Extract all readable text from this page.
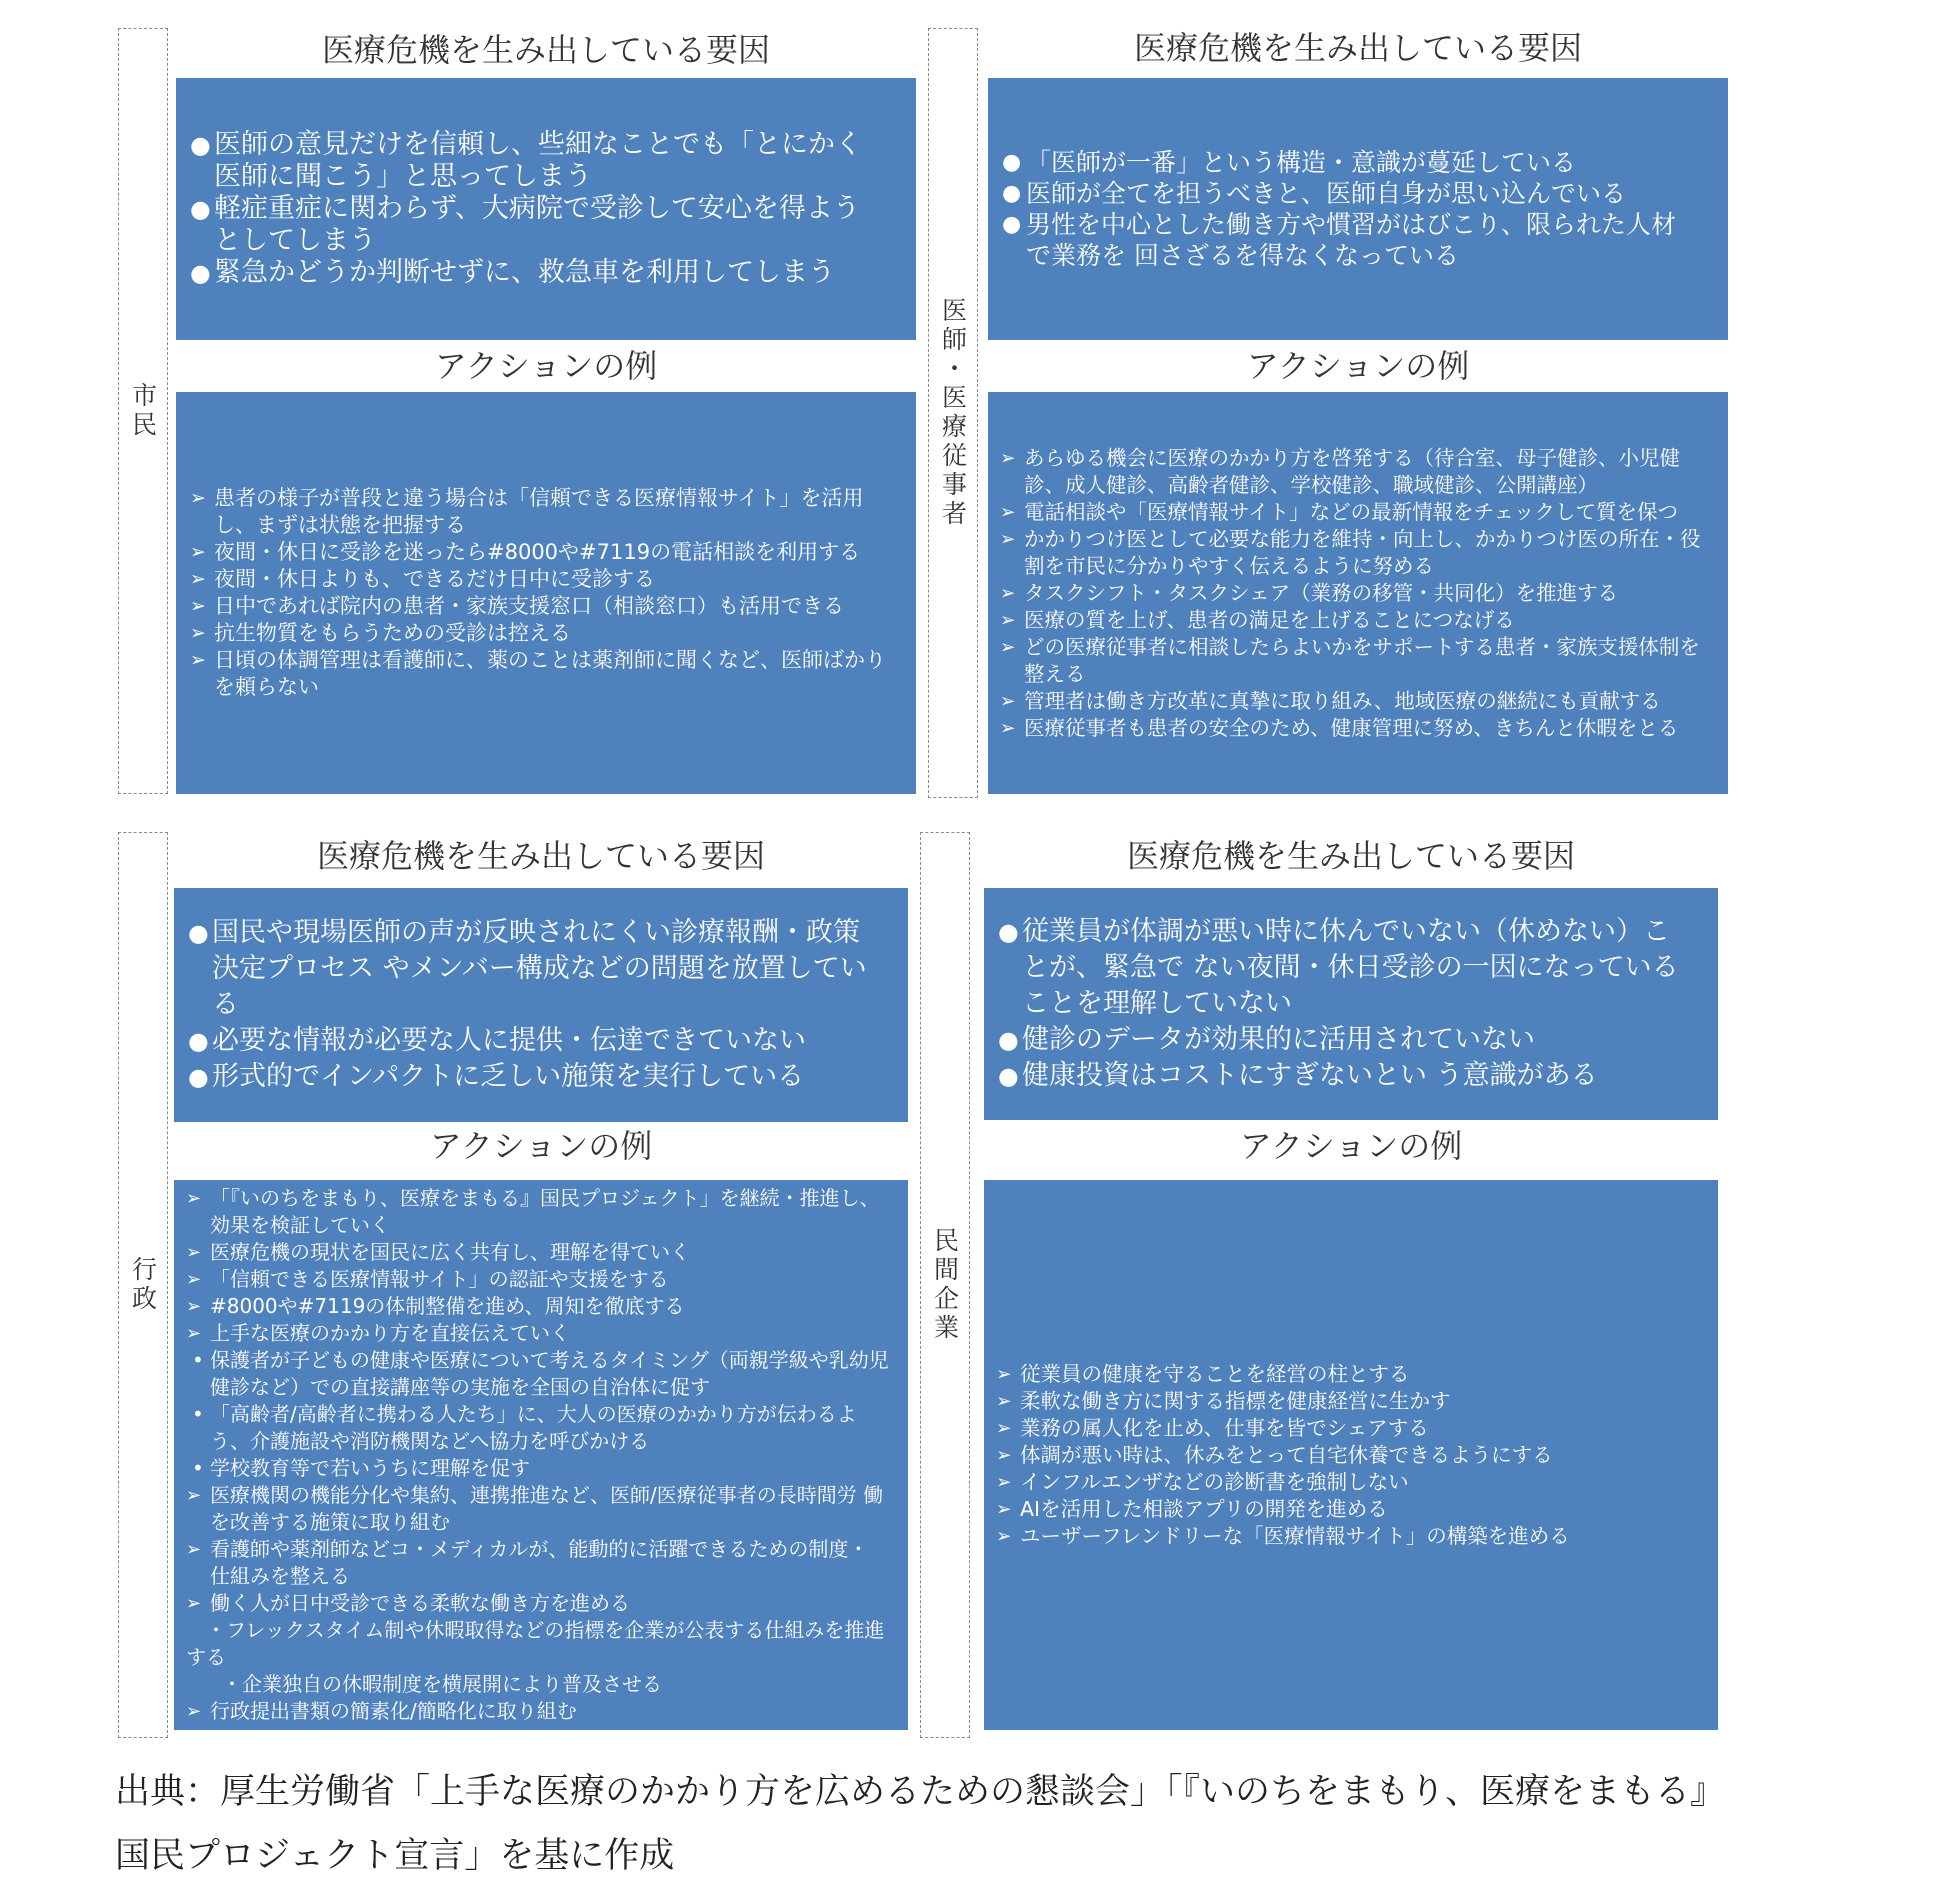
市民
医療危機を生み出している要因
● 医師の意見だけを信頼し、些細なことでも「とにかく医師に聞こう」と思ってしまう
● 軽症重症に関わらず、大病院で受診して安心を得ようとしてしまう
● 緊急かどうか判断せずに、救急車を利用してしまう
アクションの例
➢ 患者の様子が普段と違う場合は「信頼できる医療情報サイト」を活用し、まずは状態を把握する
➢ 夜間・休日に受診を迷ったら#8000や#7119の電話相談を利用する
➢ 夜間・休日よりも、できるだけ日中に受診する
➢ 日中であれば院内の患者・家族支援窓口（相談窓口）も活用できる
➢ 抗生物質をもらうための受診は控える
➢ 日頃の体調管理は看護師に、薬のことは薬剤師に聞くなど、医師ばかりを頼らない
医師・医療従事者
医療危機を生み出している要因
● 「医師が一番」という構造・意識が蔓延している
● 医師が全てを担うべきと、医師自身が思い込んでいる
● 男性を中心とした働き方や慣習がはびこり、限られた人材で業務を 回さざるを得なくなっている
アクションの例
➢ あらゆる機会に医療のかかり方を啓発する（待合室、母子健診、小児健診、成人健診、高齢者健診、学校健診、職域健診、公開講座）
➢ 電話相談や「医療情報サイト」などの最新情報をチェックして質を保つ
➢ かかりつけ医として必要な能力を維持・向上し、かかりつけ医の所在・役割を市民に分かりやすく伝えるように努める
➢ タスクシフト・タスクシェア（業務の移管・共同化）を推進する
➢ 医療の質を上げ、患者の満足を上げることにつなげる
➢ どの医療従事者に相談したらよいかをサポートする患者・家族支援体制を整える
➢ 管理者は働き方改革に真摯に取り組み、地域医療の継続にも貢献する
➢ 医療従事者も患者の安全のため、健康管理に努め、きちんと休暇をとる
行政
医療危機を生み出している要因
● 国民や現場医師の声が反映されにくい診療報酬・政策決定プロセス やメンバー構成などの問題を放置している
● 必要な情報が必要な人に提供・伝達できていない
● 形式的でインパクトに乏しい施策を実行している
アクションの例
➢ 「『いのちをまもり、医療をまもる』国民プロジェクト」を継続・推進し、効果を検証していく
➢ 医療危機の現状を国民に広く共有し、理解を得ていく
➢ 「信頼できる医療情報サイト」の認証や支援をする
➢ #8000や#7119の体制整備を進め、周知を徹底する
➢ 上手な医療のかかり方を直接伝えていく
• 保護者が子どもの健康や医療について考えるタイミング（両親学級や乳幼児健診など）での直接講座等の実施を全国の自治体に促す
• 「高齢者/高齢者に携わる人たち」に、大人の医療のかかり方が伝わるよう、介護施設や消防機関などへ協力を呼びかける
• 学校教育等で若いうちに理解を促す
➢ 医療機関の機能分化や集約、連携推進など、医師/医療従事者の長時間労 働を改善する施策に取り組む
➢ 看護師や薬剤師などコ・メディカルが、能動的に活躍できるための制度・ 仕組みを整える
➢ 働く人が日中受診できる柔軟な働き方を進める
　・フレックスタイム制や休暇取得などの指標を企業が公表する仕組みを推進する
・企業独自の休暇制度を横展開により普及させる
➢ 行政提出書類の簡素化/簡略化に取り組む
民間企業
医療危機を生み出している要因
● 従業員が体調が悪い時に休んでいない（休めない）ことが、緊急で ない夜間・休日受診の一因になっていることを理解していない
● 健診のデータが効果的に活用されていない
● 健康投資はコストにすぎないとい う意識がある
アクションの例
➢ 従業員の健康を守ることを経営の柱とする
➢ 柔軟な働き方に関する指標を健康経営に生かす
➢ 業務の属人化を止め、仕事を皆でシェアする
➢ 体調が悪い時は、休みをとって自宅休養できるようにする
➢ インフルエンザなどの診断書を強制しない
➢ AIを活用した相談アプリの開発を進める
➢ ユーザーフレンドリーな「医療情報サイト」の構築を進める
出典：厚生労働省「上手な医療のかかり方を広めるための懇談会」「『いのちをまもり、医療をまもる』
国民プロジェクト宣言」を基に作成
